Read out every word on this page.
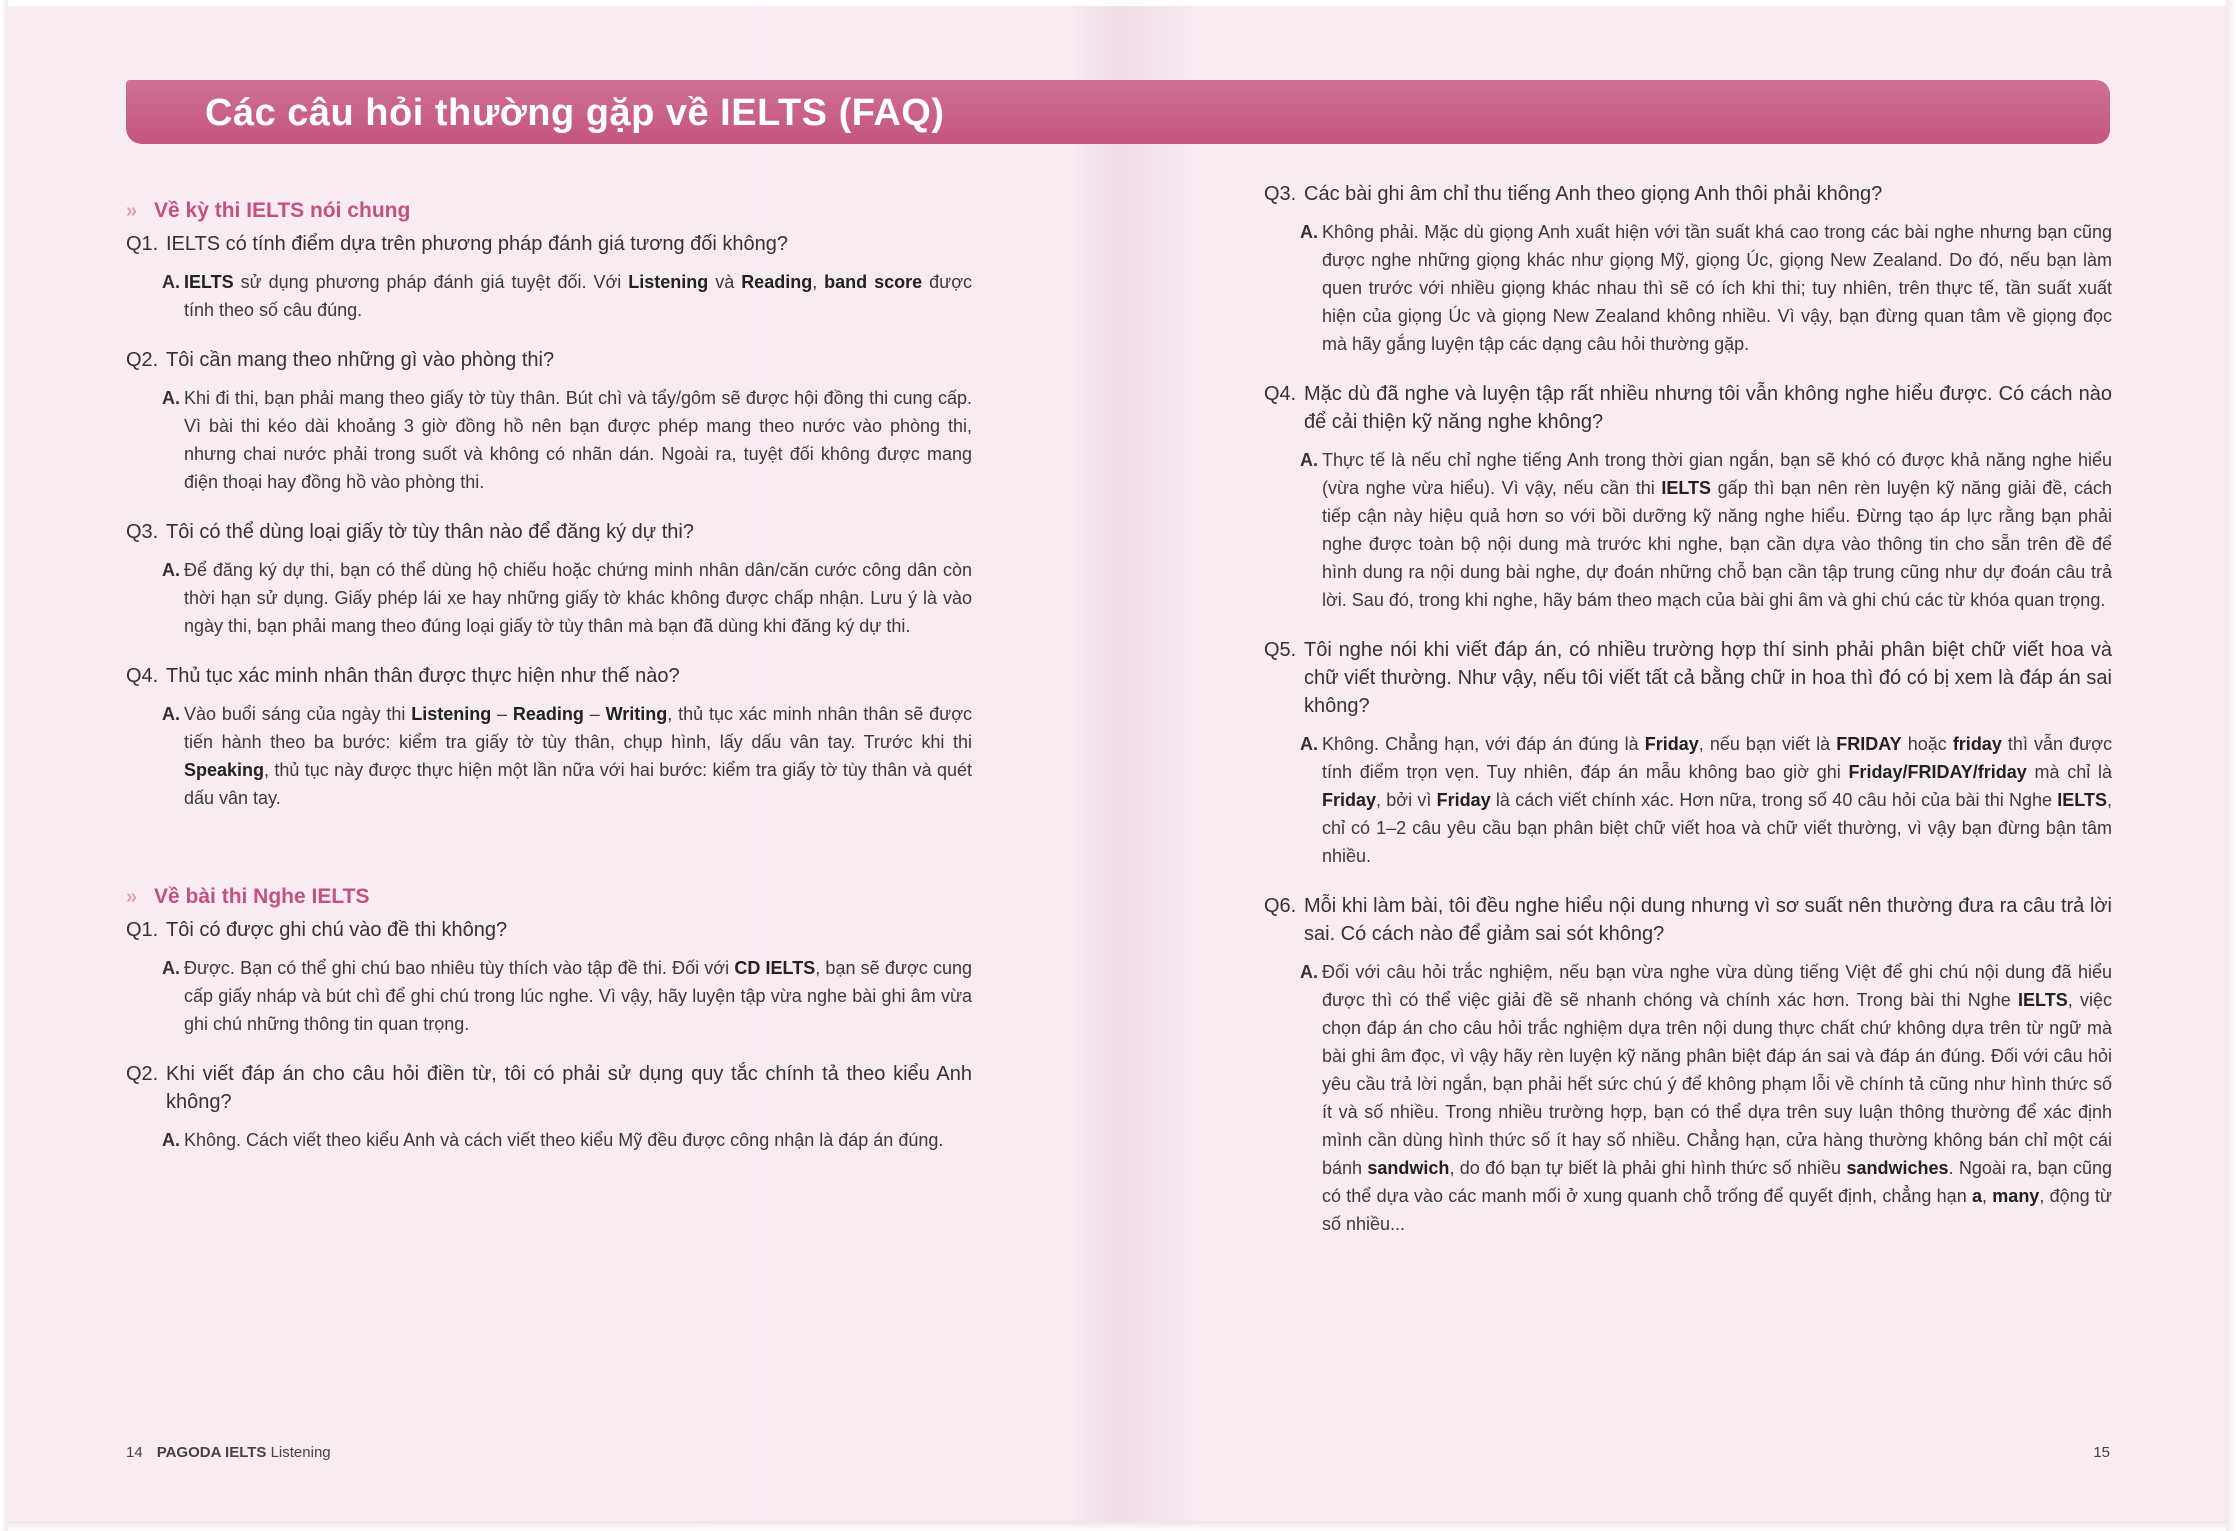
Các câu hỏi thường gặp về IELTS (FAQ)
» Về kỳ thi IELTS nói chung
Q1. IELTS có tính điểm dựa trên phương pháp đánh giá tương đối không?
A. IELTS sử dụng phương pháp đánh giá tuyệt đối. Với Listening và Reading, band score được tính theo số câu đúng.
Q2. Tôi cần mang theo những gì vào phòng thi?
A. Khi đi thi, bạn phải mang theo giấy tờ tùy thân. Bút chì và tẩy/gôm sẽ được hội đồng thi cung cấp. Vì bài thi kéo dài khoảng 3 giờ đồng hồ nên bạn được phép mang theo nước vào phòng thi, nhưng chai nước phải trong suốt và không có nhãn dán. Ngoài ra, tuyệt đối không được mang điện thoại hay đồng hồ vào phòng thi.
Q3. Tôi có thể dùng loại giấy tờ tùy thân nào để đăng ký dự thi?
A. Để đăng ký dự thi, bạn có thể dùng hộ chiếu hoặc chứng minh nhân dân/căn cước công dân còn thời hạn sử dụng. Giấy phép lái xe hay những giấy tờ khác không được chấp nhận. Lưu ý là vào ngày thi, bạn phải mang theo đúng loại giấy tờ tùy thân mà bạn đã dùng khi đăng ký dự thi.
Q4. Thủ tục xác minh nhân thân được thực hiện như thế nào?
A. Vào buổi sáng của ngày thi Listening – Reading – Writing, thủ tục xác minh nhân thân sẽ được tiến hành theo ba bước: kiểm tra giấy tờ tùy thân, chụp hình, lấy dấu vân tay. Trước khi thi Speaking, thủ tục này được thực hiện một lần nữa với hai bước: kiểm tra giấy tờ tùy thân và quét dấu vân tay.
» Về bài thi Nghe IELTS
Q1. Tôi có được ghi chú vào đề thi không?
A. Được. Bạn có thể ghi chú bao nhiêu tùy thích vào tập đề thi. Đối với CD IELTS, bạn sẽ được cung cấp giấy nháp và bút chì để ghi chú trong lúc nghe. Vì vậy, hãy luyện tập vừa nghe bài ghi âm vừa ghi chú những thông tin quan trọng.
Q2. Khi viết đáp án cho câu hỏi điền từ, tôi có phải sử dụng quy tắc chính tả theo kiểu Anh không?
A. Không. Cách viết theo kiểu Anh và cách viết theo kiểu Mỹ đều được công nhận là đáp án đúng.
Q3. Các bài ghi âm chỉ thu tiếng Anh theo giọng Anh thôi phải không?
A. Không phải. Mặc dù giọng Anh xuất hiện với tần suất khá cao trong các bài nghe nhưng bạn cũng được nghe những giọng khác như giọng Mỹ, giọng Úc, giọng New Zealand. Do đó, nếu bạn làm quen trước với nhiều giọng khác nhau thì sẽ có ích khi thi; tuy nhiên, trên thực tế, tần suất xuất hiện của giọng Úc và giọng New Zealand không nhiều. Vì vậy, bạn đừng quan tâm về giọng đọc mà hãy gắng luyện tập các dạng câu hỏi thường gặp.
Q4. Mặc dù đã nghe và luyện tập rất nhiều nhưng tôi vẫn không nghe hiểu được. Có cách nào để cải thiện kỹ năng nghe không?
A. Thực tế là nếu chỉ nghe tiếng Anh trong thời gian ngắn, bạn sẽ khó có được khả năng nghe hiểu (vừa nghe vừa hiểu). Vì vậy, nếu cần thi IELTS gấp thì bạn nên rèn luyện kỹ năng giải đề, cách tiếp cận này hiệu quả hơn so với bồi dưỡng kỹ năng nghe hiểu. Đừng tạo áp lực rằng bạn phải nghe được toàn bộ nội dung mà trước khi nghe, bạn cần dựa vào thông tin cho sẵn trên đề để hình dung ra nội dung bài nghe, dự đoán những chỗ bạn cần tập trung cũng như dự đoán câu trả lời. Sau đó, trong khi nghe, hãy bám theo mạch của bài ghi âm và ghi chú các từ khóa quan trọng.
Q5. Tôi nghe nói khi viết đáp án, có nhiều trường hợp thí sinh phải phân biệt chữ viết hoa và chữ viết thường. Như vậy, nếu tôi viết tất cả bằng chữ in hoa thì đó có bị xem là đáp án sai không?
A. Không. Chẳng hạn, với đáp án đúng là Friday, nếu bạn viết là FRIDAY hoặc friday thì vẫn được tính điểm trọn vẹn. Tuy nhiên, đáp án mẫu không bao giờ ghi Friday/FRIDAY/friday mà chỉ là Friday, bởi vì Friday là cách viết chính xác. Hơn nữa, trong số 40 câu hỏi của bài thi Nghe IELTS, chỉ có 1–2 câu yêu cầu bạn phân biệt chữ viết hoa và chữ viết thường, vì vậy bạn đừng bận tâm nhiều.
Q6. Mỗi khi làm bài, tôi đều nghe hiểu nội dung nhưng vì sơ suất nên thường đưa ra câu trả lời sai. Có cách nào để giảm sai sót không?
A. Đối với câu hỏi trắc nghiệm, nếu bạn vừa nghe vừa dùng tiếng Việt để ghi chú nội dung đã hiểu được thì có thể việc giải đề sẽ nhanh chóng và chính xác hơn. Trong bài thi Nghe IELTS, việc chọn đáp án cho câu hỏi trắc nghiệm dựa trên nội dung thực chất chứ không dựa trên từ ngữ mà bài ghi âm đọc, vì vậy hãy rèn luyện kỹ năng phân biệt đáp án sai và đáp án đúng. Đối với câu hỏi yêu cầu trả lời ngắn, bạn phải hết sức chú ý để không phạm lỗi về chính tả cũng như hình thức số ít và số nhiều. Trong nhiều trường hợp, bạn có thể dựa trên suy luận thông thường để xác định mình cần dùng hình thức số ít hay số nhiều. Chẳng hạn, cửa hàng thường không bán chỉ một cái bánh sandwich, do đó bạn tự biết là phải ghi hình thức số nhiều sandwiches. Ngoài ra, bạn cũng có thể dựa vào các manh mối ở xung quanh chỗ trống để quyết định, chẳng hạn a, many, động từ số nhiều...
14 PAGODA IELTS Listening	15
